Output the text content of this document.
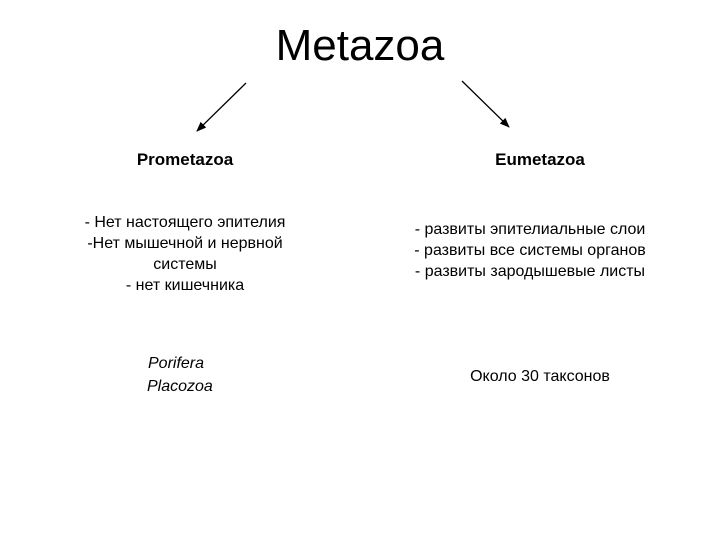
Metazoa
Prometazoa
- Нет настоящего эпителия
-Нет мышечной и нервной
системы
- нет кишечника
Porifera
Placozoa
Eumetazoa
- развиты эпителиальные слои
- развиты все системы органов
- развиты зародышевые листы
Около 30 таксонов
